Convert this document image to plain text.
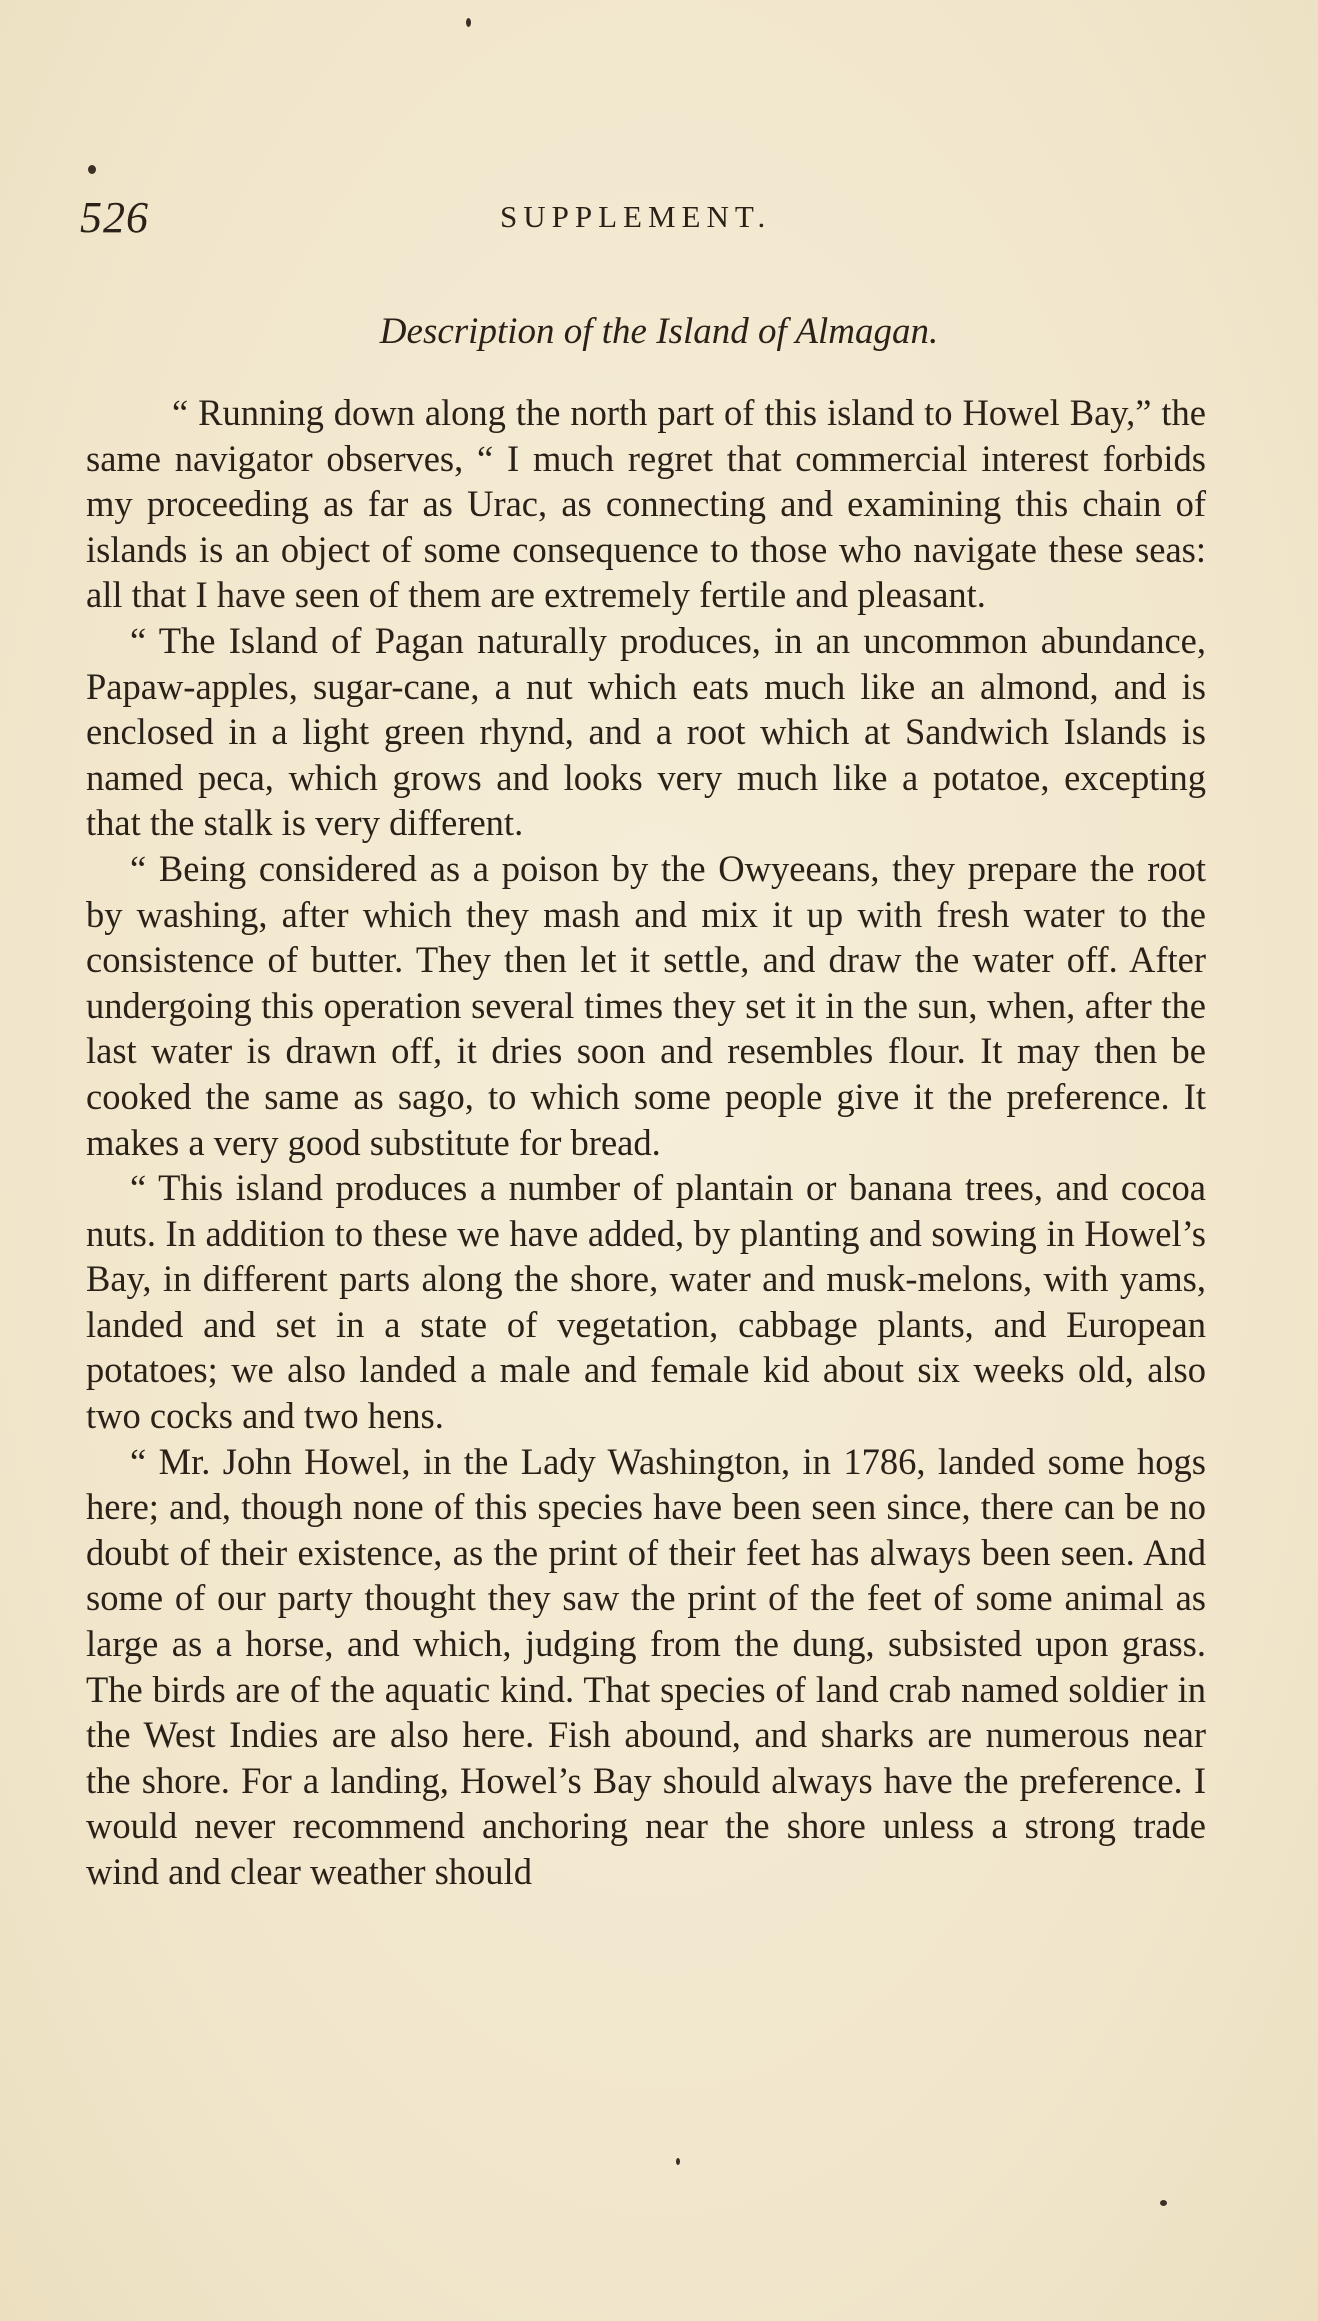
526	SUPPLEMENT.
Description of the Island of Almagan.

“ Running down along the north part of this island to Howel Bay,” the same navigator observes, “ I much regret that commercial interest forbids my proceeding as far as Urac, as connecting and examining this chain of islands is an object of some consequence to those who navigate these seas: all that I have seen of them are extremely fertile and pleasant.

“ The Island of Pagan naturally produces, in an uncommon abundance, Papaw-apples, sugar-cane, a nut which eats much like an almond, and is enclosed in a light green rhynd, and a root which at Sandwich Islands is named peca, which grows and looks very much like a potatoe, excepting that the stalk is very different.

“ Being considered as a poison by the Owyeeans, they prepare the root by washing, after which they mash and mix it up with fresh water to the consistence of butter. They then let it settle, and draw the water off. After undergoing this operation several times they set it in the sun, when, after the last water is drawn off, it dries soon and resembles flour. It may then be cooked the same as sago, to which some people give it the preference. It makes a very good substitute for bread.

“ This island produces a number of plantain or banana trees, and cocoa nuts. In addition to these we have added, by planting and sowing in Howel’s Bay, in different parts along the shore, water and musk-melons, with yams, landed and set in a state of vegetation, cabbage plants, and European potatoes; we also landed a male and female kid about six weeks old, also two cocks and two hens.

“ Mr. John Howel, in the Lady Washington, in 1786, landed some hogs here; and, though none of this species have been seen since, there can be no doubt of their existence, as the print of their feet has always been seen. And some of our party thought they saw the print of the feet of some animal as large as a horse, and which, judging from the dung, subsisted upon grass. The birds are of the aquatic kind. That species of land crab named soldier in the West Indies are also here. Fish abound, and sharks are numerous near the shore. For a landing, Howel’s Bay should always have the preference. I would never recommend anchoring near the shore unless a strong trade wind and clear weather should
